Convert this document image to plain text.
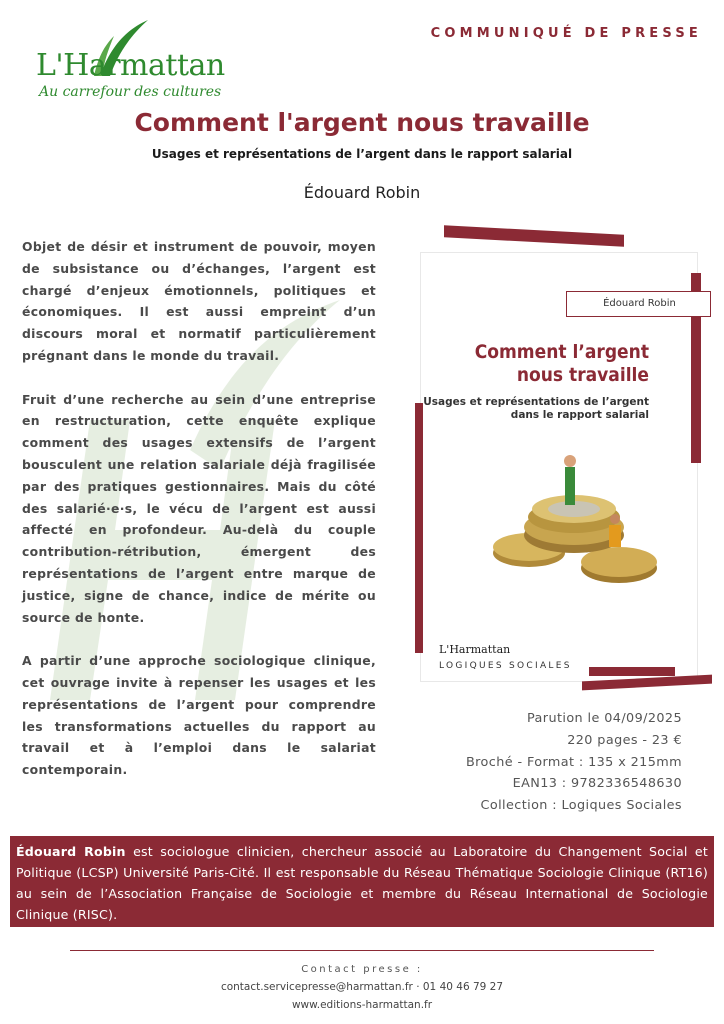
L'Harmattan
Au carrefour des cultures
COMMUNIQUÉ DE PRESSE
Comment l'argent nous travaille
Usages et représentations de l’argent dans le rapport salarial
Édouard Robin

Objet de désir et instrument de pouvoir, moyen de subsistance ou d’échanges, l’argent est chargé d’enjeux émotionnels, politiques et économiques. Il est aussi empreint d’un discours moral et normatif particulièrement prégnant dans le monde du travail.

Fruit d’une recherche au sein d’une entreprise en restructuration, cette enquête explique comment des usages extensifs de l’argent bousculent une relation salariale déjà fragilisée par des pratiques gestionnaires. Mais du côté des salarié·e·s, le vécu de l’argent est aussi affecté en profondeur. Au-delà du couple contribution-rétribution, émergent des représentations de l’argent entre marque de justice, signe de chance, indice de mérite ou source de honte.

A partir d’une approche sociologique clinique, cet ouvrage invite à repenser les usages et les représentations de l’argent pour comprendre les transformations actuelles du rapport au travail et à l’emploi dans le salariat contemporain.

Édouard Robin
Comment l’argent
nous travaille
Usages et représentations de l’argent
dans le rapport salarial
L'Harmattan
LOGIQUES SOCIALES
Parution le 04/09/2025
220 pages - 23 €
Broché - Format : 135 x 215mm
EAN13 : 9782336548630
Collection : Logiques Sociales
Édouard Robin est sociologue clinicien, chercheur associé au Laboratoire du Changement Social et Politique (LCSP) Université Paris-Cité. Il est responsable du Réseau Thématique Sociologie Clinique (RT16) au sein de l’Association Française de Sociologie et membre du Réseau International de Sociologie Clinique (RISC).
Contact presse :
contact.servicepresse@harmattan.fr · 01 40 46 79 27
www.editions-harmattan.fr
